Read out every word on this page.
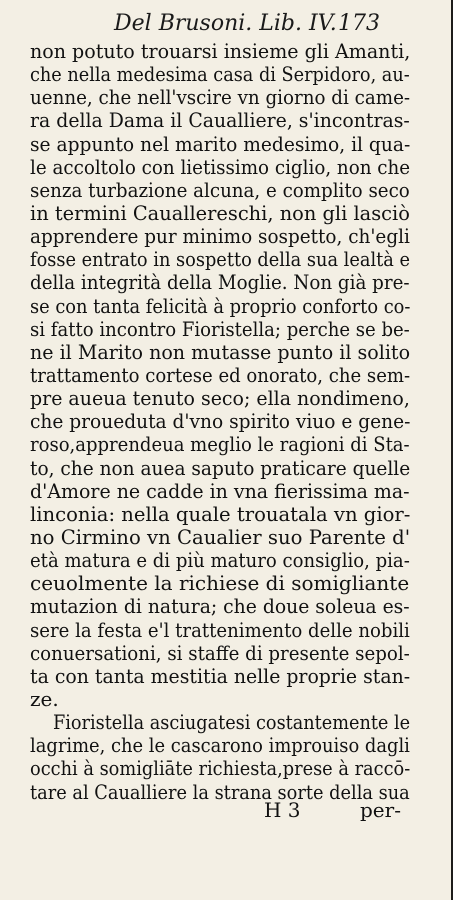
Del Brusoni. Lib. IV. 173
non potuto trouarsi insieme gli Amanti,
che nella medesima casa di Serpidoro, au-
uenne, che nell'vscire vn giorno di came-
ra della Dama il Caualliere, s'incontras-
se appunto nel marito medesimo, il qua-
le accoltolo con lietissimo ciglio, non che
senza turbazione alcuna, e complito seco
in termini Cauallereschi, non gli lasciò
apprendere pur minimo sospetto, ch'egli
fosse entrato in sospetto della sua lealtà e
della integrità della Moglie. Non già pre-
se con tanta felicità à proprio conforto co-
si fatto incontro Fioristella; perche se be-
ne il Marito non mutasse punto il solito
trattamento cortese ed onorato, che sem-
pre aueua tenuto seco; ella nondimeno,
che proueduta d'vno spirito viuo e gene-
roso,apprendeua meglio le ragioni di Sta-
to, che non auea saputo praticare quelle
d'Amore ne cadde in vna fierissima ma-
linconia: nella quale trouatala vn gior-
no Cirmino vn Caualier suo Parente d'
età matura e di più maturo consiglio, pia-
ceuolmente la richiese di somigliante
mutazion di natura; che doue soleua es-
sere la festa e'l trattenimento delle nobili
conuersationi, si staffe di presente sepol-
ta con tanta mestitia nelle proprie stan-
ze.
Fioristella asciugatesi costantemente le
lagrime, che le cascarono improuiso dagli
occhi à somigliāte richiesta,prese à raccō-
tare al Caualliere la strana sorte della sua
H 3	per-
